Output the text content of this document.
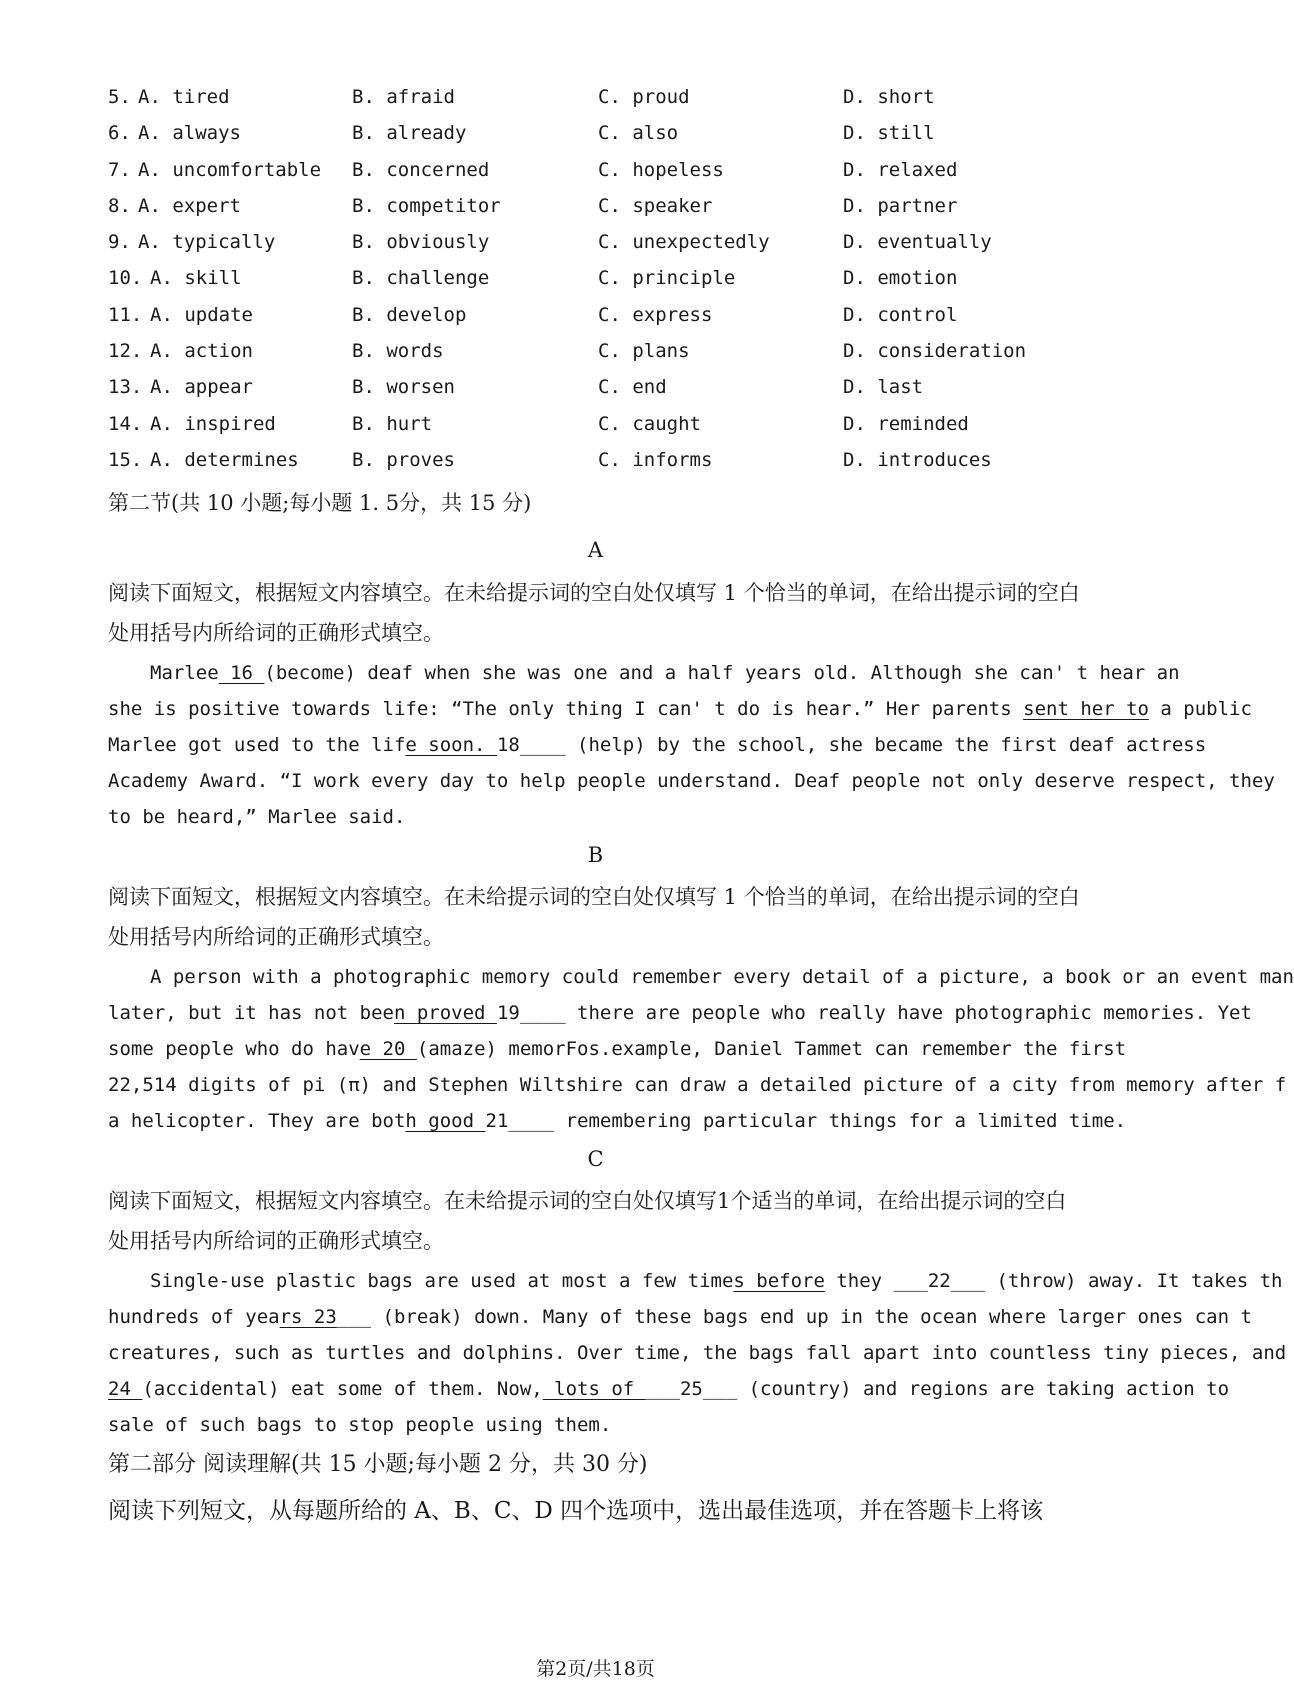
5. A. tired	B. afraid	C. proud	D. short
6. A. always	B. already	C. also	D. still
7. A. uncomfortable B. concerned	C. hopeless	D. relaxed
8. A. expert	B. competitor	C. speaker	D. partner
9. A. typically	B. obviously	C. unexpectedly	D. eventually
10. A. skill	B. challenge	C. principle	D. emotion
11. A. update	B. develop	C. express	D. control
12. A. action	B. words	C. plans	D. consideration
13. A. appear	B. worsen	C. end	D. last
14. A. inspired	B. hurt	C. caught	D. reminded
15. A. determines	B. proves	C. informs	D. introduces
第二节(共 10 小题;每小题 1. 5分，共 15 分)
A
阅读下面短文，根据短文内容填空。在未给提示词的空白处仅填写 1 个恰当的单词，在给出提示词的空白
处用括号内所给词的正确形式填空。
Marlee 16 (become) deaf when she was one and a half years old. Although she can' t hear an
she is positive towards life: “The only thing I can' t do is hear.” Her parents sent her to a public
Marlee got used to the life soon. 18____ (help) by the school, she became the first deaf actress
Academy Award. “I work every day to help people understand. Deaf people not only deserve respect, they
to be heard,” Marlee said.
B
阅读下面短文，根据短文内容填空。在未给提示词的空白处仅填写 1 个恰当的单词，在给出提示词的空白
处用括号内所给词的正确形式填空。
A person with a photographic memory could remember every detail of a picture, a book or an event man
later, but it has not been proved 19____ there are people who really have photographic memories. Yet
some people who do have 20 (amaze) memorFos.example, Daniel Tammet can remember the first
22,514 digits of pi (π) and Stephen Wiltshire can draw a detailed picture of a city from memory after f
a helicopter. They are both good 21____ remembering particular things for a limited time.
C
阅读下面短文，根据短文内容填空。在未给提示词的空白处仅填写1个适当的单词，在给出提示词的空白
处用括号内所给词的正确形式填空。
Single-use plastic bags are used at most a few times before they ___22___ (throw) away. It takes th
hundreds of years 23___ (break) down. Many of these bags end up in the ocean where larger ones can t
creatures, such as turtles and dolphins. Over time, the bags fall apart into countless tiny pieces, and
24 (accidental) eat some of them. Now, lots of ___25___ (country) and regions are taking action to
sale of such bags to stop people using them.
第二部分 阅读理解(共 15 小题;每小题 2 分，共 30 分)
阅读下列短文，从每题所给的 A、B、C、D 四个选项中，选出最佳选项，并在答题卡上将该
第2页/共18页
